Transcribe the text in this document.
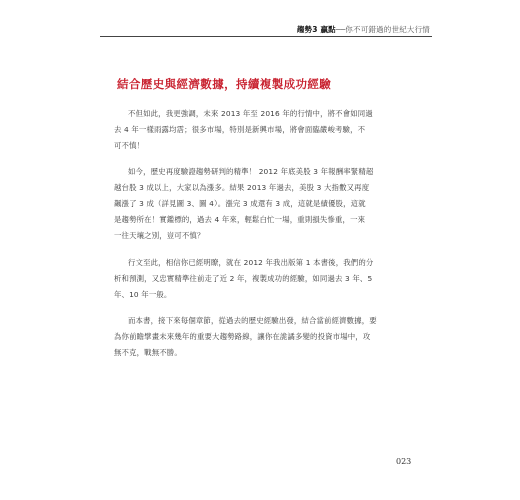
趨勢3 贏點──你不可錯過的世紀大行情
結合歷史與經濟數據，持續複製成功經驗
不但如此，我更強調，未來 2013 年至 2016 年的行情中，將不會如同過
去 4 年一樣雨露均霑；很多市場，特別是新興市場，將會面臨嚴峻考驗，不
可不慎！
如今，歷史再度驗證趨勢研判的精準！ 2012 年底美股 3 年報酬率緊精超
越台股 3 成以上，大家以為漲多。結果 2013 年過去，美股 3 大指數又再度
飆漲了 3 成（詳見圖 3、圖 4）。漲完 3 成還有 3 成，這就是績優股，這就
是趨勢所在！實鑑標的，過去 4 年來，輕鬆白忙一場，重則損失慘重，一來
一往天壤之別，豈可不慎？
行文至此，相信你已經明瞭，就在 2012 年我出版第 1 本書後，我們的分
析和預測，又忠實精準往前走了近 2 年，複製成功的經驗，如同過去 3 年、5
年、10 年一般。
而本書，接下來每個章節，從過去的歷史經驗出發，結合當前經濟數據，要
為你前瞻擘畫未來幾年的重要大趨勢路線，讓你在詭譎多變的投資市場中，攻
無不克，戰無不勝。
023
